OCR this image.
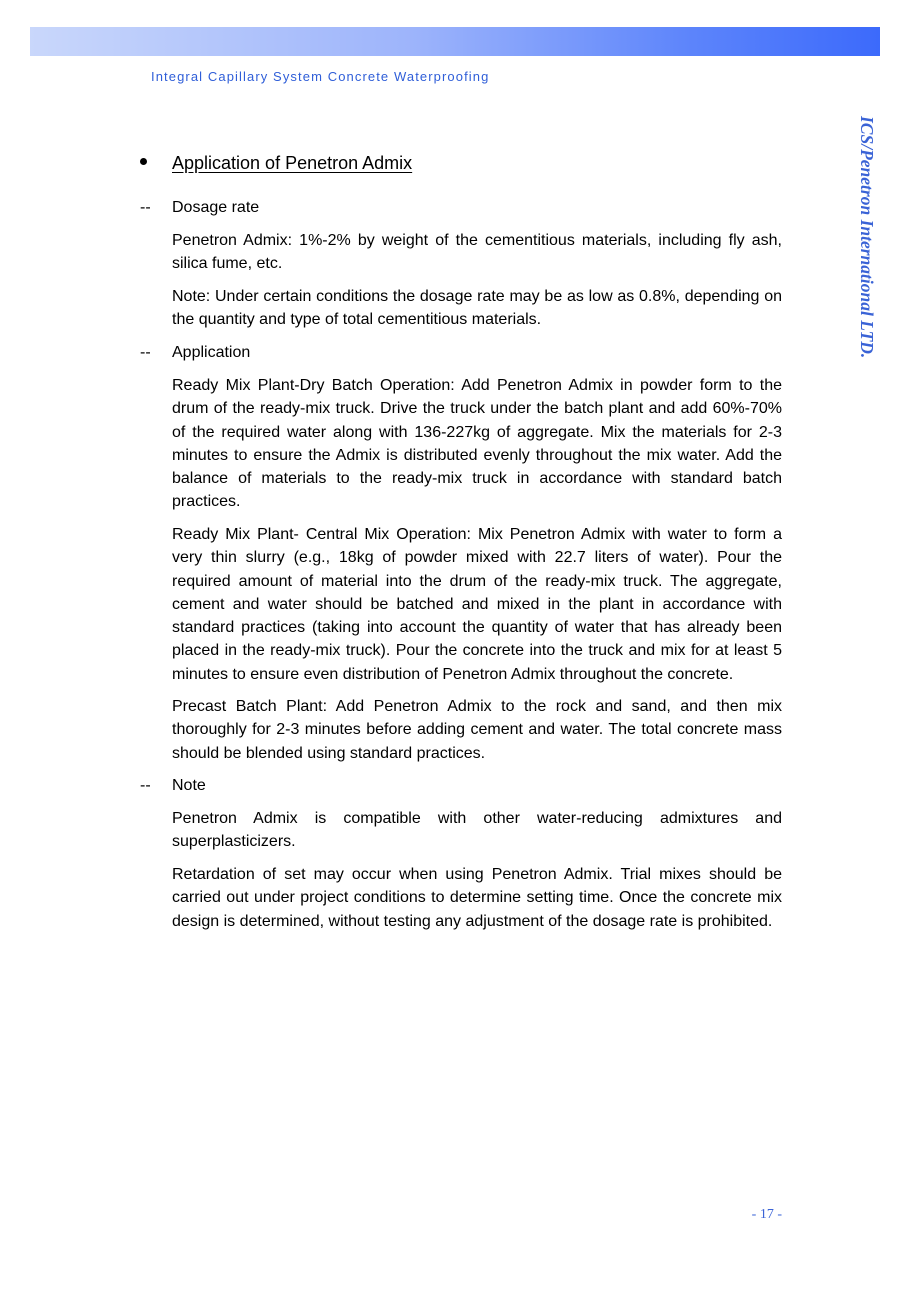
Integral Capillary System Concrete Waterproofing
ICS/Penetron International LTD.
Application of Penetron Admix
-- Dosage rate

Penetron Admix: 1%-2% by weight of the cementitious materials, including fly ash, silica fume, etc.

Note: Under certain conditions the dosage rate may be as low as 0.8%, depending on the quantity and type of total cementitious materials.

-- Application

Ready Mix Plant-Dry Batch Operation: Add Penetron Admix in powder form to the drum of the ready-mix truck. Drive the truck under the batch plant and add 60%-70% of the required water along with 136-227kg of aggregate. Mix the materials for 2-3 minutes to ensure the Admix is distributed evenly throughout the mix water. Add the balance of materials to the ready-mix truck in accordance with standard batch practices.

Ready Mix Plant- Central Mix Operation: Mix Penetron Admix with water to form a very thin slurry (e.g., 18kg of powder mixed with 22.7 liters of water). Pour the required amount of material into the drum of the ready-mix truck. The aggregate, cement and water should be batched and mixed in the plant in accordance with standard practices (taking into account the quantity of water that has already been placed in the ready-mix truck). Pour the concrete into the truck and mix for at least 5 minutes to ensure even distribution of Penetron Admix throughout the concrete.

Precast Batch Plant: Add Penetron Admix to the rock and sand, and then mix thoroughly for 2-3 minutes before adding cement and water. The total concrete mass should be blended using standard practices.

-- Note

Penetron Admix is compatible with other water-reducing admixtures and superplasticizers.

Retardation of set may occur when using Penetron Admix. Trial mixes should be carried out under project conditions to determine setting time. Once the concrete mix design is determined, without testing any adjustment of the dosage rate is prohibited.

- 17 -
